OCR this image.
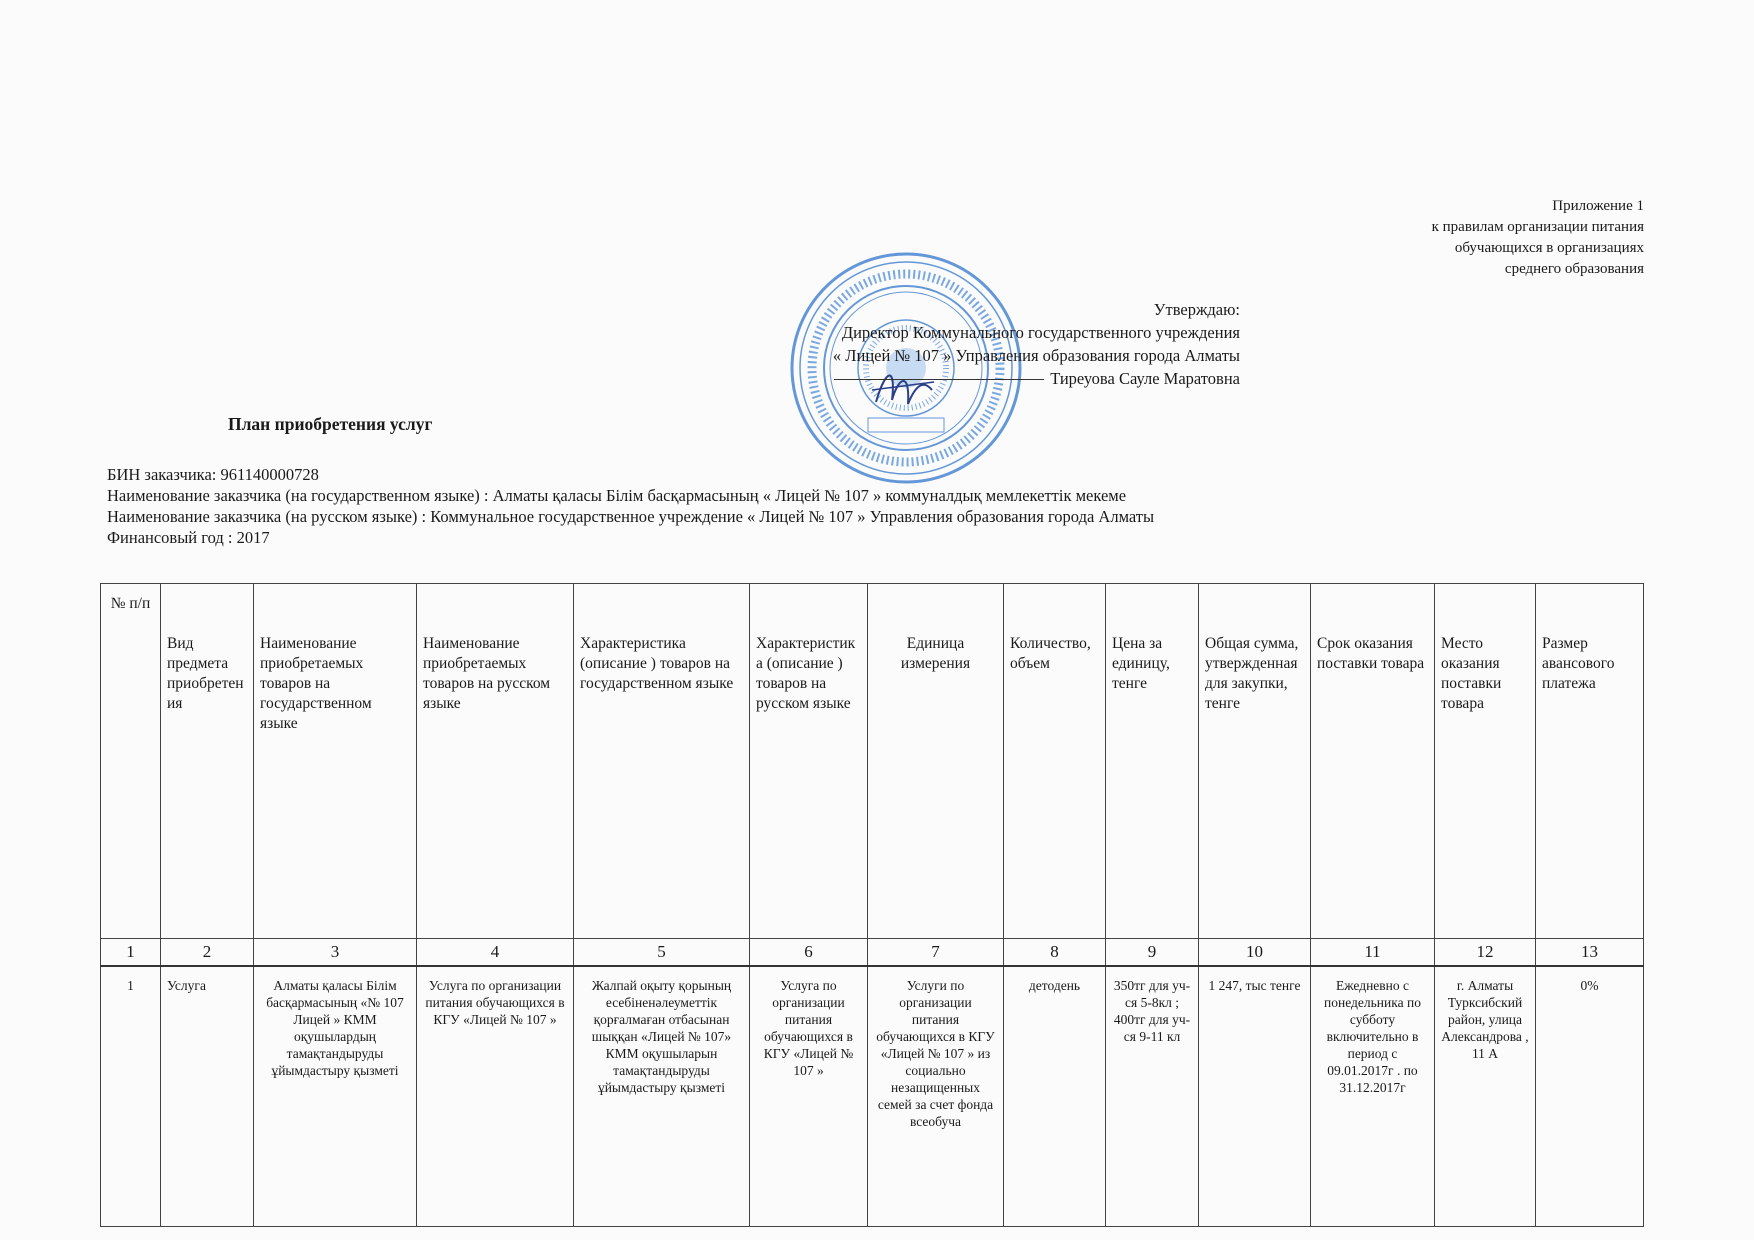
Приложение 1
к правилам организации питания
обучающихся в организациях
среднего образования
Утверждаю:
Директор Коммунального государственного учреждения
« Лицей № 107 » Управления образования города Алматы
Тиреуова Сауле Маратовна
План приобретения услуг
БИН заказчика: 961140000728
Наименование заказчика (на государственном языке) : Алматы қаласы Білім басқармасының « Лицей № 107 » коммуналдық мемлекеттік мекеме
Наименование заказчика (на русском языке) : Коммунальное государственное учреждение « Лицей № 107 » Управления образования города Алматы
Финансовый год : 2017
№ п/п	Вид предмета приобретения	Наименование приобретаемых товаров на государственном языке	Наименование приобретаемых товаров на русском языке	Характеристика (описание ) товаров на государственном языке	Характеристика (описание ) товаров на русском языке	Единица измерения	Количество, объем	Цена за единицу, тенге	Общая сумма, утвержденная для закупки, тенге	Срок оказания поставки товара	Место оказания поставки товара	Размер авансового платежа
1	2	3	4	5	6	7	8	9	10	11	12	13
1	Услуга	Алматы қаласы Білім басқармасының «№ 107 Лицей » КММ оқушылардың тамақтандыруды ұйымдастыру қызметі	Услуга по организации питания обучающихся в КГУ «Лицей № 107 »	Жалпай оқыту қорының есебіненәлеуметтік қорғалмаған отбасынан шыққан «Лицей № 107» КММ оқушыларын тамақтандыруды ұйымдастыру қызметі	Услуга по организации питания обучающихся в КГУ «Лицей № 107 »	Услуги по организации питания обучающихся в КГУ «Лицей № 107 » из социально незащищенных семей за счет фонда всеобуча	детодень	350тг для уч-ся 5-8кл ; 400тг для уч-ся 9-11 кл	1 247, тыс тенге	Ежедневно с понедельника по субботу включительно в период с 09.01.2017г . по 31.12.2017г	г. Алматы Турксибский район, улица Александрова , 11 А	0%
